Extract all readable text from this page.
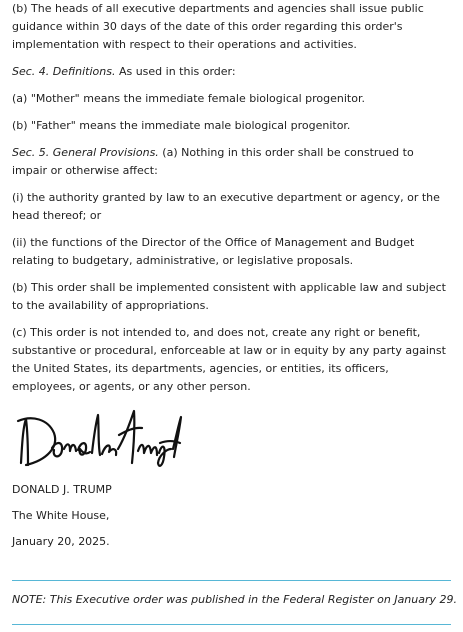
(b) The heads of all executive departments and agencies shall issue public guidance within 30 days of the date of this order regarding this order's implementation with respect to their operations and activities.

Sec. 4. Definitions. As used in this order:

(a) "Mother" means the immediate female biological progenitor.

(b) "Father" means the immediate male biological progenitor.

Sec. 5. General Provisions. (a) Nothing in this order shall be construed to impair or otherwise affect:

(i) the authority granted by law to an executive department or agency, or the head thereof; or

(ii) the functions of the Director of the Office of Management and Budget relating to budgetary, administrative, or legislative proposals.

(b) This order shall be implemented consistent with applicable law and subject to the availability of appropriations.

(c) This order is not intended to, and does not, create any right or benefit, substantive or procedural, enforceable at law or in equity by any party against the United States, its departments, agencies, or entities, its officers, employees, or agents, or any other person.

DONALD J. TRUMP

The White House,

January 20, 2025.

NOTE: This Executive order was published in the Federal Register on January 29.
